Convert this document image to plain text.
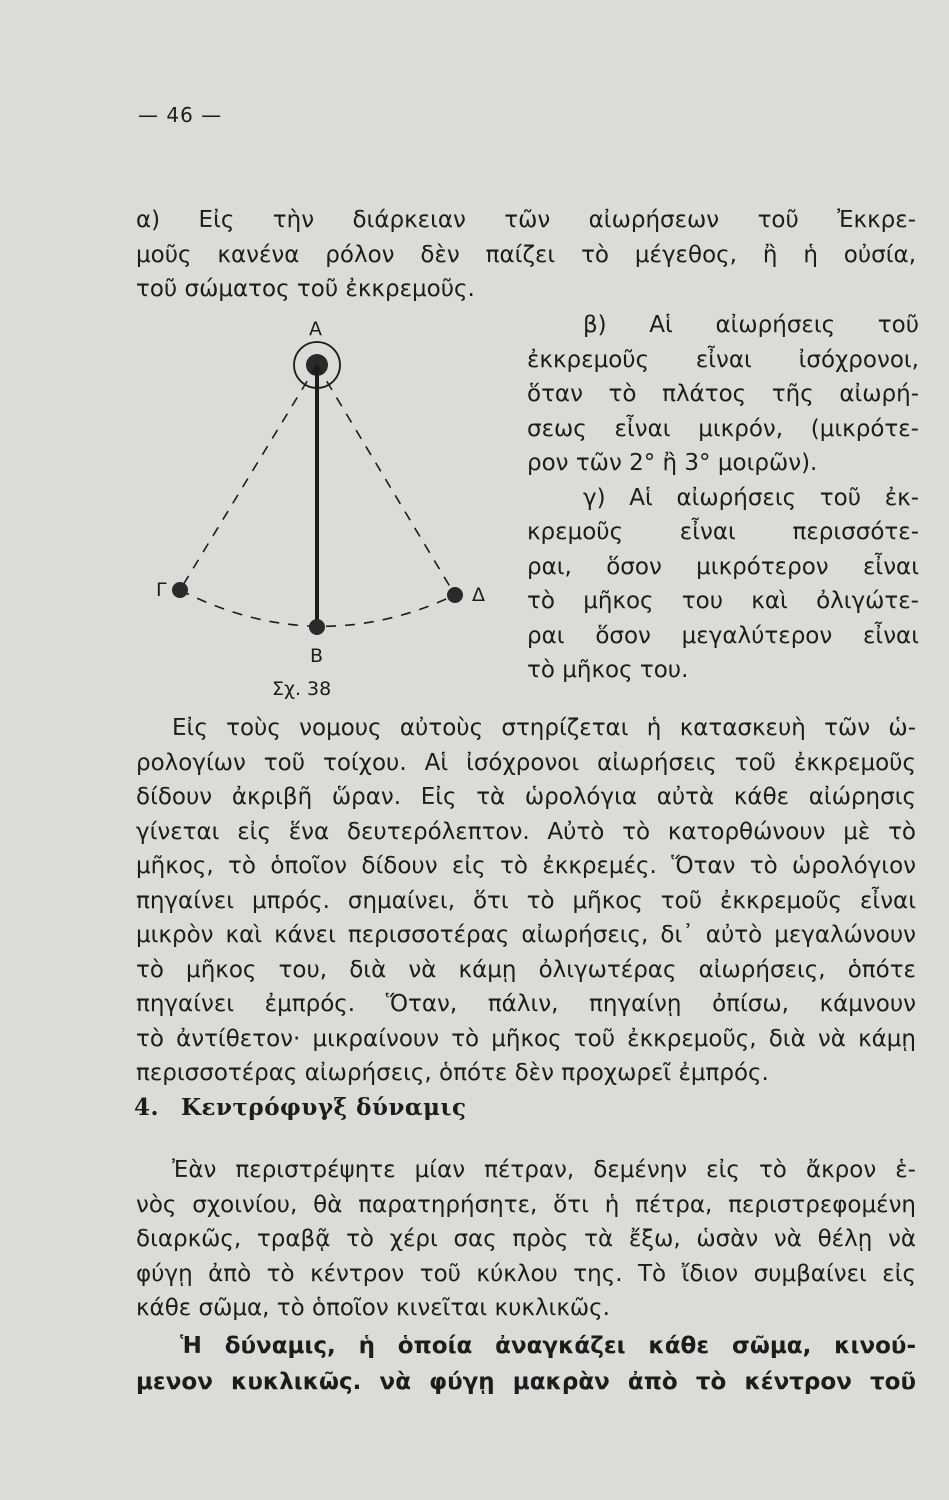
— 46 —
α) Εἰς τὴν διάρκειαν τῶν αἰωρήσεων τοῦ Ἐκκρε-
μοῦς κανένα ρόλον δὲν παίζει τὸ μέγεθος, ἢ ἡ οὐσία,
τοῦ σώματος τοῦ ἐκκρεμοῦς.
β) Αἱ αἰωρήσεις τοῦ
ἐκκρεμοῦς εἶναι ἰσόχρονοι,
ὅταν τὸ πλάτος τῆς αἰωρή-
σεως εἶναι μικρόν, (μικρότε-
ρον τῶν 2° ἢ 3° μοιρῶν).
γ) Αἱ αἰωρήσεις τοῦ ἐκ-
κρεμοῦς εἶναι περισσότε-
ραι, ὅσον μικρότερον εἶναι
τὸ μῆκος του καὶ ὀλιγώτε-
ραι ὅσον μεγαλύτερον εἶναι
τὸ μῆκος του.
Α
Γ	Δ
Β
Σχ. 38
Εἰς τοὺς νομους αὐτοὺς στηρίζεται ἡ κατασκευὴ τῶν ὡ-
ρολογίων τοῦ τοίχου. Αἱ ἰσόχρονοι αἰωρήσεις τοῦ ἐκκρεμοῦς
δίδουν ἀκριβῆ ὥραν. Εἰς τὰ ὡρολόγια αὐτὰ κάθε αἰώρησις
γίνεται εἰς ἕνα δευτερόλεπτον. Αὐτὸ τὸ κατορθώνουν μὲ τὸ
μῆκος, τὸ ὁποῖον δίδουν εἰς τὸ ἐκκρεμές. Ὅταν τὸ ὡρολόγιον
πηγαίνει μπρός. σημαίνει, ὅτι τὸ μῆκος τοῦ ἐκκρεμοῦς εἶναι
μικρὸν καὶ κάνει περισσοτέρας αἰωρήσεις, δι᾽ αὐτὸ μεγαλώνουν
τὸ μῆκος του, διὰ νὰ κάμῃ ὀλιγωτέρας αἰωρήσεις, ὁπότε
πηγαίνει ἐμπρός. Ὅταν, πάλιν, πηγαίνῃ ὀπίσω, κάμνουν
τὸ ἀντίθετον· μικραίνουν τὸ μῆκος τοῦ ἐκκρεμοῦς, διὰ νὰ κάμῃ
περισσοτέρας αἰωρήσεις, ὁπότε δὲν προχωρεῖ ἐμπρός.
4. Κεντρόφυγξ δύναμις
Ἐὰν περιστρέψητε μίαν πέτραν, δεμένην εἰς τὸ ἄκρον ἑ-
νὸς σχοινίου, θὰ παρατηρήσητε, ὅτι ἡ πέτρα, περιστρεφομένη
διαρκῶς, τραβᾷ τὸ χέρι σας πρὸς τὰ ἔξω, ὡσὰν νὰ θέλῃ νὰ
φύγῃ ἀπὸ τὸ κέντρον τοῦ κύκλου της. Τὸ ἴδιον συμβαίνει εἰς
κάθε σῶμα, τὸ ὁποῖον κινεῖται κυκλικῶς.
Ἡ δύναμις, ἡ ὁποία ἀναγκάζει κάθε σῶμα, κινού-
μενον κυκλικῶς. νὰ φύγῃ μακρὰν ἀπὸ τὸ κέντρον τοῦ
